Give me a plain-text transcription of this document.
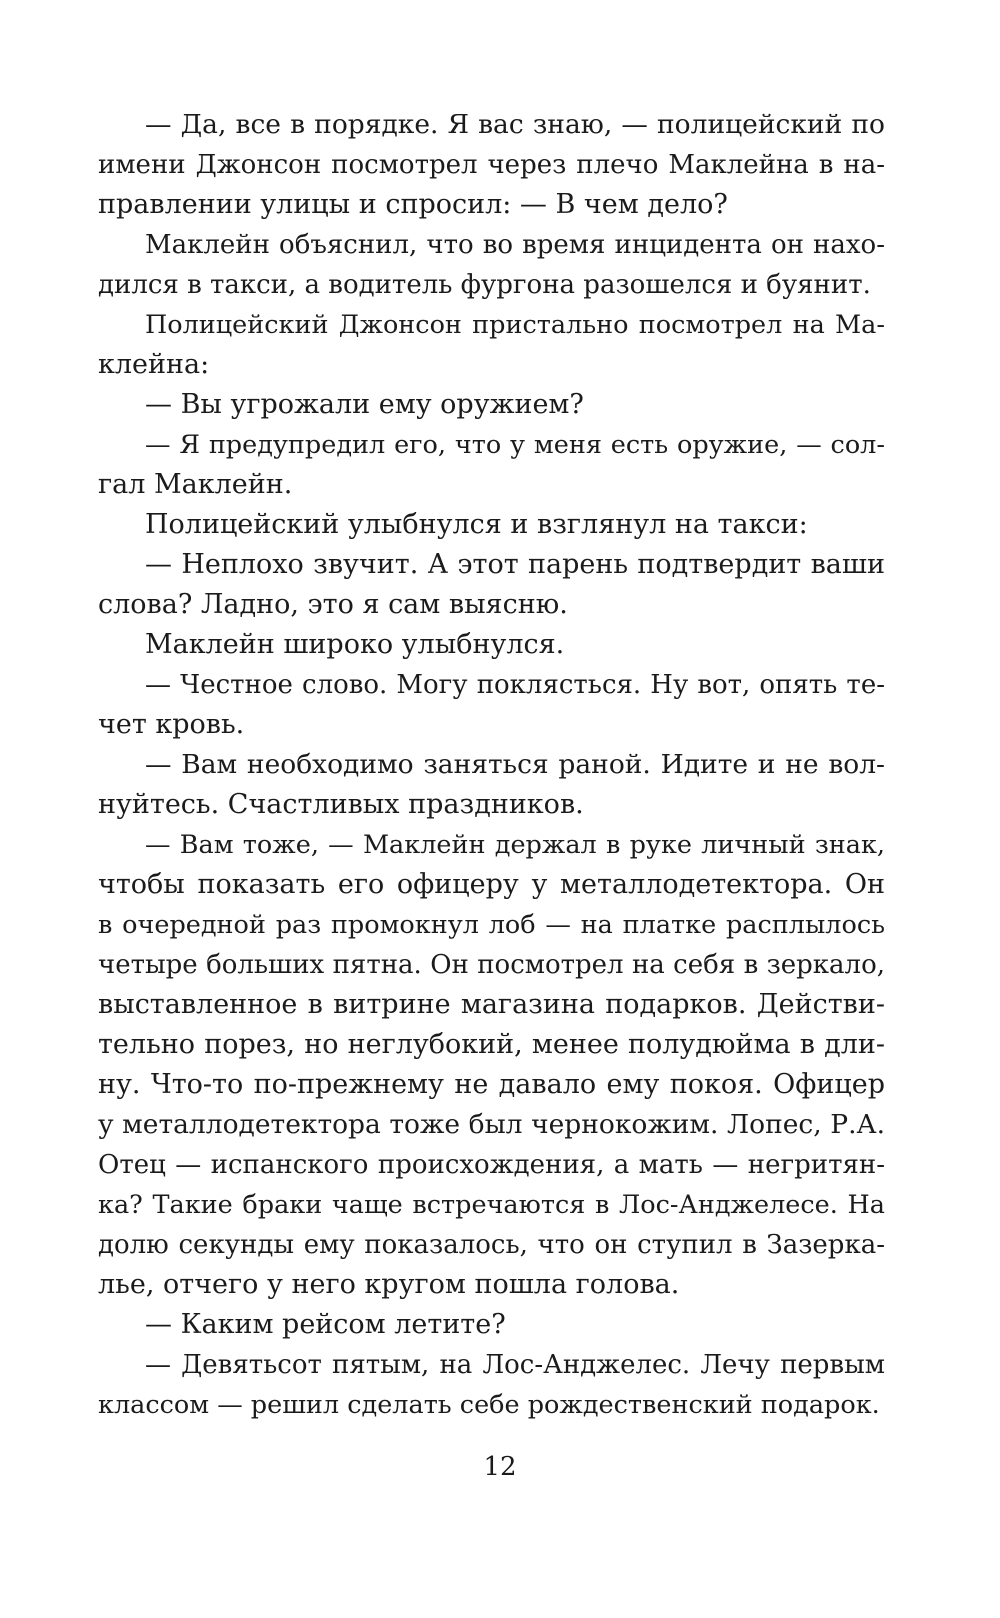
— Да, все в порядке. Я вас знаю, — полицейский по
имени Джонсон посмотрел через плечо Маклейна в на-
правлении улицы и спросил: — В чем дело?
Маклейн объяснил, что во время инцидента он нахо-
дился в такси, а водитель фургона разошелся и буянит.
Полицейский Джонсон пристально посмотрел на Ма-
клейна:
— Вы угрожали ему оружием?
— Я предупредил его, что у меня есть оружие, — сол-
гал Маклейн.
Полицейский улыбнулся и взглянул на такси:
— Неплохо звучит. А этот парень подтвердит ваши
слова? Ладно, это я сам выясню.
Маклейн широко улыбнулся.
— Честное слово. Могу поклясться. Ну вот, опять те-
чет кровь.
— Вам необходимо заняться раной. Идите и не вол-
нуйтесь. Счастливых праздников.
— Вам тоже, — Маклейн держал в руке личный знак,
чтобы показать его офицеру у металлодетектора. Он
в очередной раз промокнул лоб — на платке расплылось
четыре больших пятна. Он посмотрел на себя в зеркало,
выставленное в витрине магазина подарков. Действи-
тельно порез, но неглубокий, менее полудюйма в дли-
ну. Что-то по-прежнему не давало ему покоя. Офицер
у металлодетектора тоже был чернокожим. Лопес, Р.А.
Отец — испанского происхождения, а мать — негритян-
ка? Такие браки чаще встречаются в Лос-Анджелесе. На
долю секунды ему показалось, что он ступил в Зазерка-
лье, отчего у него кругом пошла голова.
— Каким рейсом летите?
— Девятьсот пятым, на Лос-Анджелес. Лечу первым
классом — решил сделать себе рождественский подарок.
12
